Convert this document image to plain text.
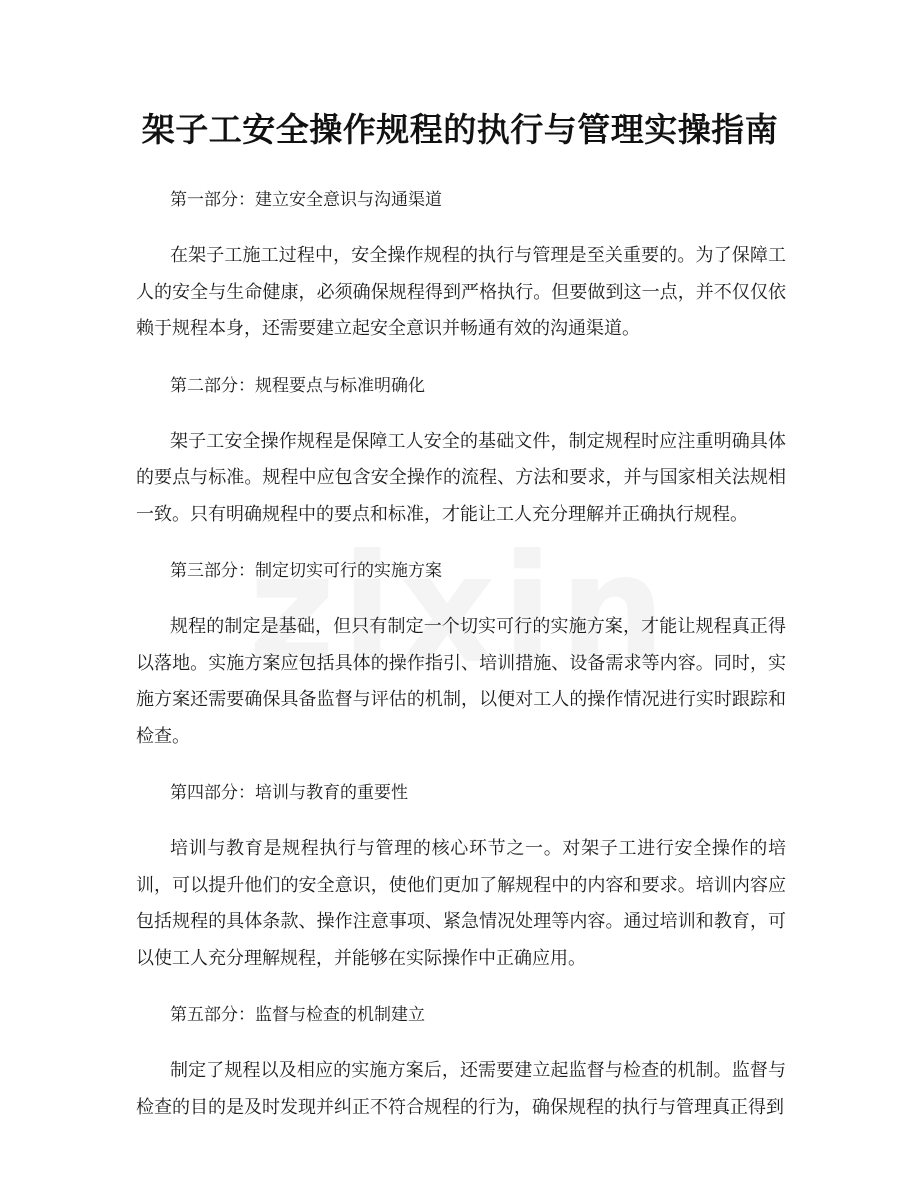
架子工安全操作规程的执行与管理实操指南

第一部分：建立安全意识与沟通渠道

在架子工施工过程中，安全操作规程的执行与管理是至关重要的。为了保障工人的安全与生命健康，必须确保规程得到严格执行。但要做到这一点，并不仅仅依赖于规程本身，还需要建立起安全意识并畅通有效的沟通渠道。

第二部分：规程要点与标准明确化

架子工安全操作规程是保障工人安全的基础文件，制定规程时应注重明确具体的要点与标准。规程中应包含安全操作的流程、方法和要求，并与国家相关法规相一致。只有明确规程中的要点和标准，才能让工人充分理解并正确执行规程。

第三部分：制定切实可行的实施方案

规程的制定是基础，但只有制定一个切实可行的实施方案，才能让规程真正得以落地。实施方案应包括具体的操作指引、培训措施、设备需求等内容。同时，实施方案还需要确保具备监督与评估的机制，以便对工人的操作情况进行实时跟踪和检查。

第四部分：培训与教育的重要性

培训与教育是规程执行与管理的核心环节之一。对架子工进行安全操作的培训，可以提升他们的安全意识，使他们更加了解规程中的内容和要求。培训内容应包括规程的具体条款、操作注意事项、紧急情况处理等内容。通过培训和教育，可以使工人充分理解规程，并能够在实际操作中正确应用。

第五部分：监督与检查的机制建立

制定了规程以及相应的实施方案后，还需要建立起监督与检查的机制。监督与检查的目的是及时发现并纠正不符合规程的行为，确保规程的执行与管理真正得到
